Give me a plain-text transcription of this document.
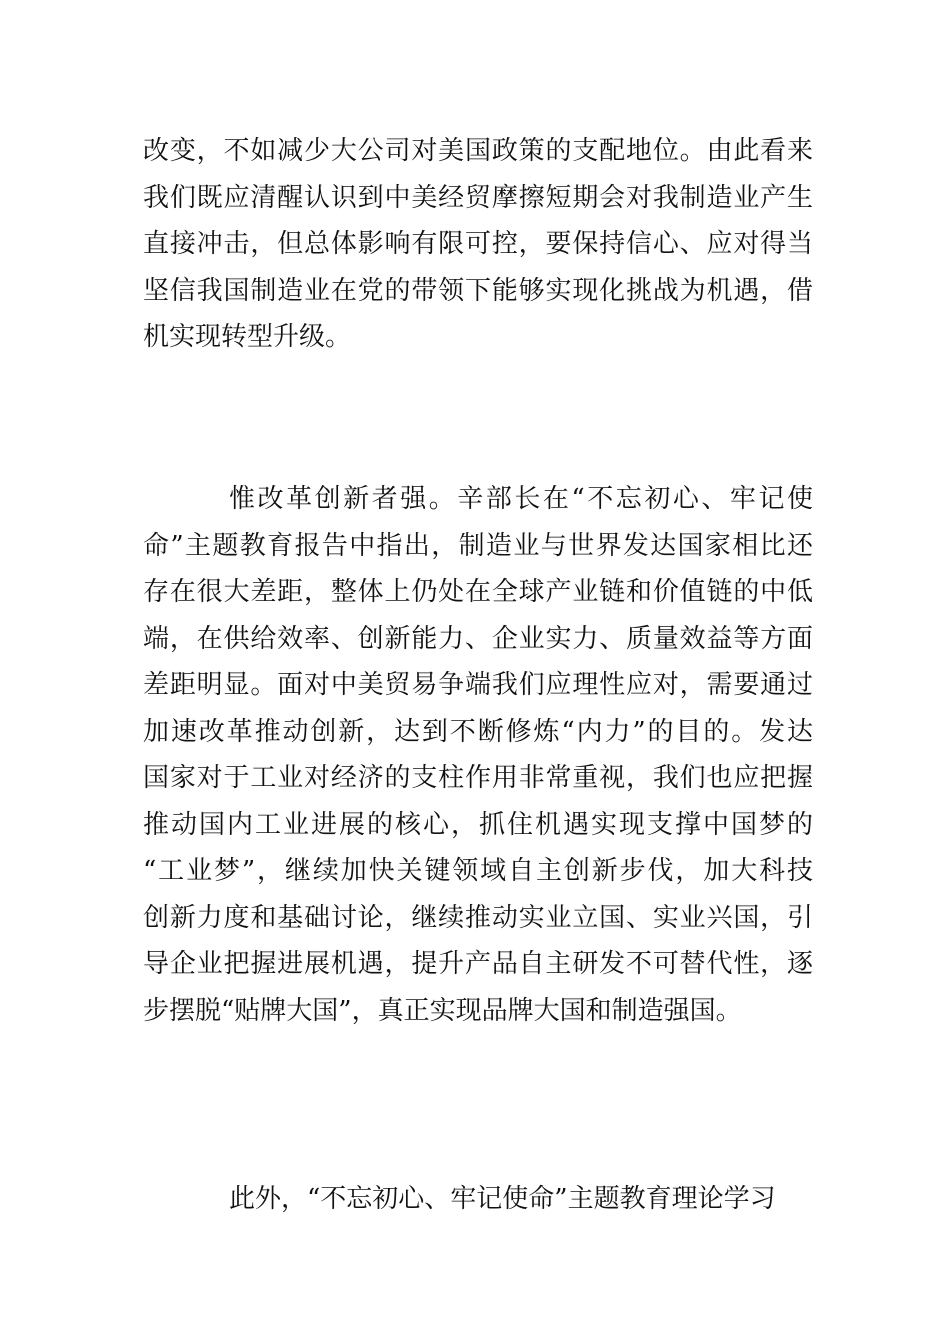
改变，不如减少大公司对美国政策的支配地位。由此看来
我们既应清醒认识到中美经贸摩擦短期会对我制造业产生
直接冲击，但总体影响有限可控，要保持信心、应对得当
坚信我国制造业在党的带领下能够实现化挑战为机遇，借
机实现转型升级。
惟改革创新者强。辛部长在“不忘初心、牢记使
命”主题教育报告中指出，制造业与世界发达国家相比还
存在很大差距，整体上仍处在全球产业链和价值链的中低
端，在供给效率、创新能力、企业实力、质量效益等方面
差距明显。面对中美贸易争端我们应理性应对，需要通过
加速改革推动创新，达到不断修炼“内力”的目的。发达
国家对于工业对经济的支柱作用非常重视，我们也应把握
推动国内工业进展的核心，抓住机遇实现支撑中国梦的
“工业梦”，继续加快关键领域自主创新步伐，加大科技
创新力度和基础讨论，继续推动实业立国、实业兴国，引
导企业把握进展机遇，提升产品自主研发不可替代性，逐
步摆脱“贴牌大国”，真正实现品牌大国和制造强国。
此外，“不忘初心、牢记使命”主题教育理论学习
